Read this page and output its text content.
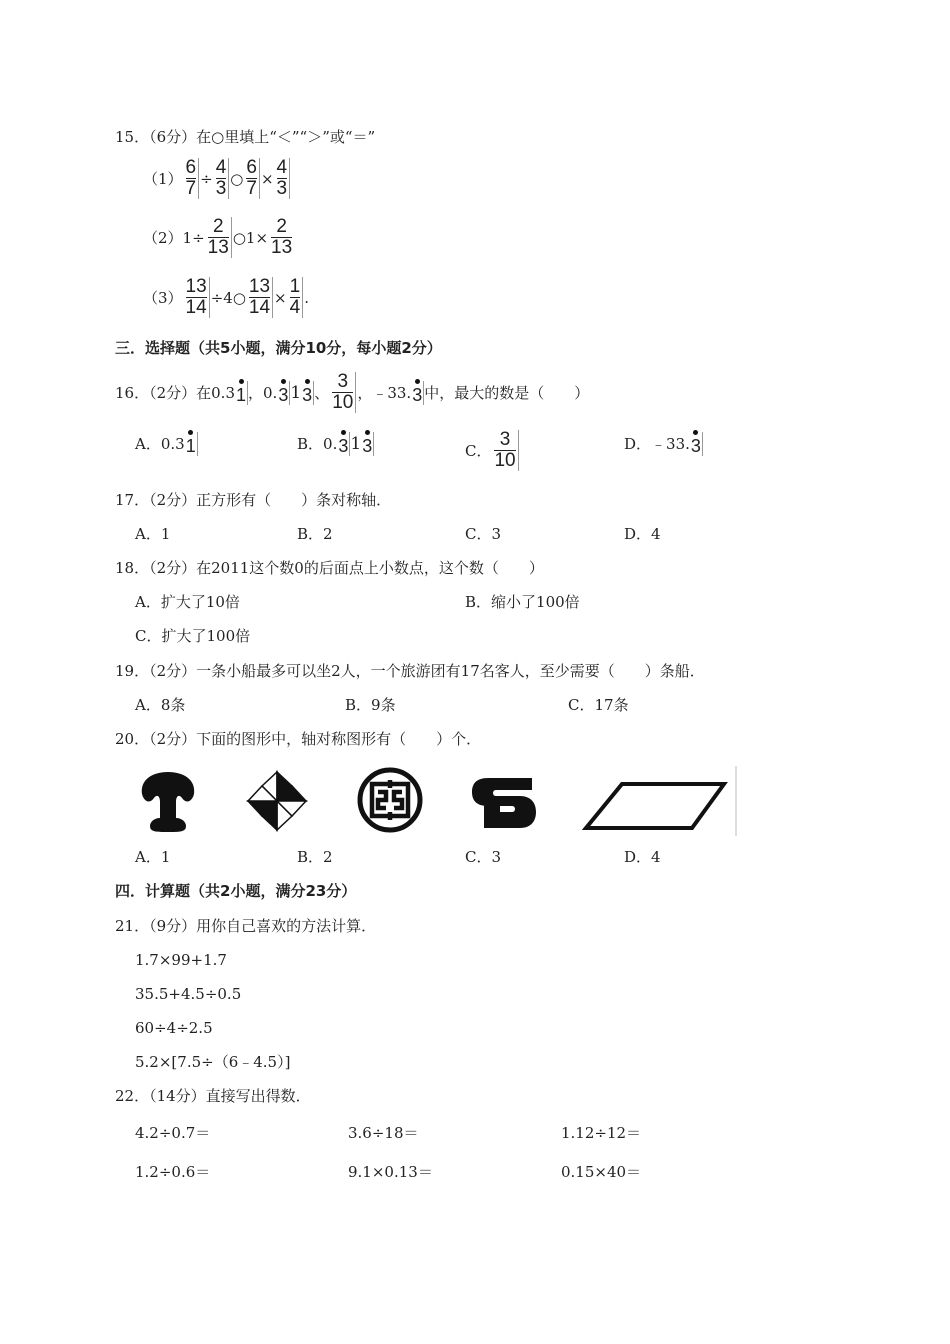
15．（6分）在○里填上“＜”“＞”或“＝”
$(1) \frac{6}{7} \div \frac{4}{3}$ ○ $\frac{6}{7} \times \frac{4}{3}$
$(2)1\div \frac{2}{13}$ ○1× $\frac{2}{13}$
$(3) \frac{13}{14}$ ÷4○ $\frac{13}{14} \times \frac{1}{4}$ .
三．选择题（共5小题，满分10分，每小题2分）
16．（2分）在0.3
1 ，0.
3 1
3 、 $\frac{3}{10}$ ，﹣33.
3 中，最大的数是（　　）
A．0.3
1	B．0.
3 1
3	C． $\frac{3}{10}$	D．﹣33.
3
17．（2分）正方形有（　　）条对称轴．
A．1	B．2	C．3	D．4
18．（2分）在2011这个数0的后面点上小数点，这个数（　　）
A．扩大了10倍	B．缩小了100倍
C．扩大了100倍
19．（2分）一条小船最多可以坐2人，一个旅游团有17名客人，至少需要（　　）条船．
A．8条	B．9条	C．17条
20．（2分）下面的图形中，轴对称图形有（　　）个．
A．1	B．2	C．3	D．4
四．计算题（共2小题，满分23分）
21．（9分）用你自己喜欢的方法计算．
1.7×99+1.7
35.5+4.5÷0.5
60÷4÷2.5
5.2×[7.5÷（6﹣4.5）]
22．（14分）直接写出得数．
4.2÷0.7＝	3.6÷18＝	1.12÷12＝
1.2÷0.6＝	9.1×0.13＝	0.15×40＝
